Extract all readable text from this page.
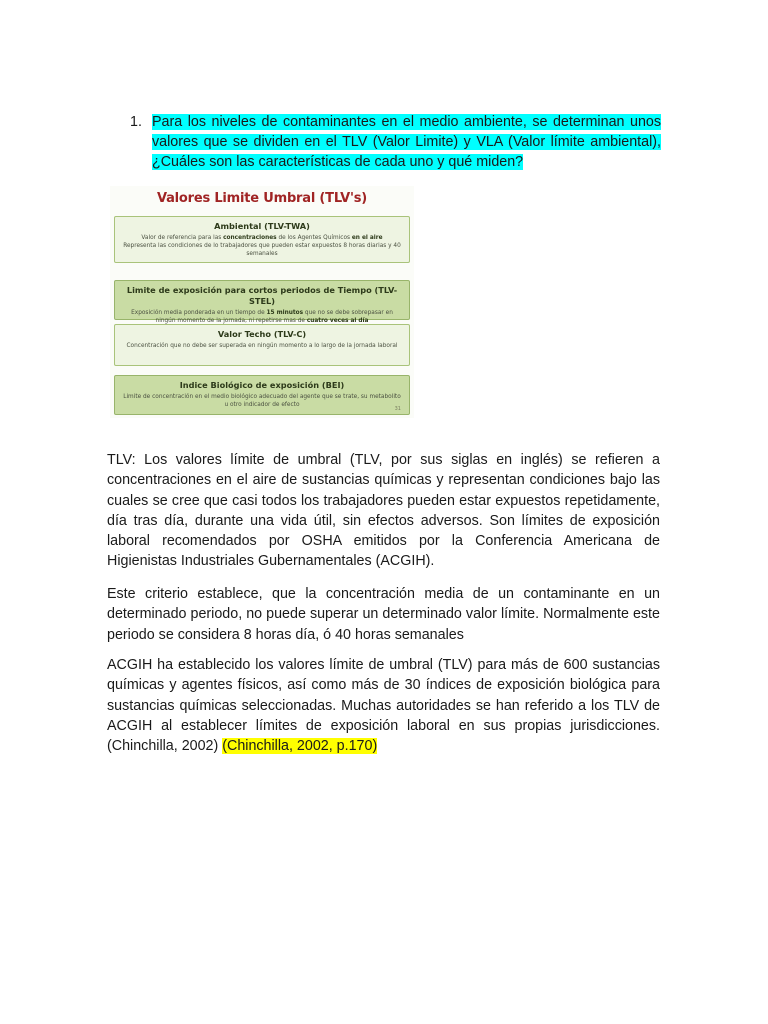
1. Para los niveles de contaminantes en el medio ambiente, se determinan unos valores que se dividen en el TLV (Valor Limite) y VLA (Valor límite ambiental), ¿Cuáles son las características de cada uno y qué miden?
Valores Limite Umbral (TLV's)
Ambiental (TLV-TWA)
Valor de referencia para las concentraciones de los Agentes Químicos en el aire
Representa las condiciones de lo trabajadores que pueden estar expuestos 8 horas diarias y 40 semanales
Limite de exposición para cortos periodos de Tiempo (TLV-STEL)
Exposición media ponderada en un tiempo de 15 minutos que no se debe sobrepasar en ningún momento de la jornada, ni repetirse mas de cuatro veces al día
Valor Techo (TLV-C)
Concentración que no debe ser superada en ningún momento a lo largo de la jornada laboral
Indice Biológico de exposición (BEI)
Limite de concentración en el medio biológico adecuado del agente que se trate, su metabolito u otro indicador de efecto
31

TLV: Los valores límite de umbral (TLV, por sus siglas en inglés) se refieren a concentraciones en el aire de sustancias químicas y representan condiciones bajo las cuales se cree que casi todos los trabajadores pueden estar expuestos repetidamente, día tras día, durante una vida útil, sin efectos adversos. Son límites de exposición laboral recomendados por OSHA emitidos por la Conferencia Americana de Higienistas Industriales Gubernamentales (ACGIH).

Este criterio establece, que la concentración media de un contaminante en un determinado periodo, no puede superar un determinado valor límite. Normalmente este periodo se considera 8 horas día, ó 40 horas semanales

ACGIH ha establecido los valores límite de umbral (TLV) para más de 600 sustancias químicas y agentes físicos, así como más de 30 índices de exposición biológica para sustancias químicas seleccionadas. Muchas autoridades se han referido a los TLV de ACGIH al establecer límites de exposición laboral en sus propias jurisdicciones. (Chinchilla, 2002) (Chinchilla, 2002, p.170)
